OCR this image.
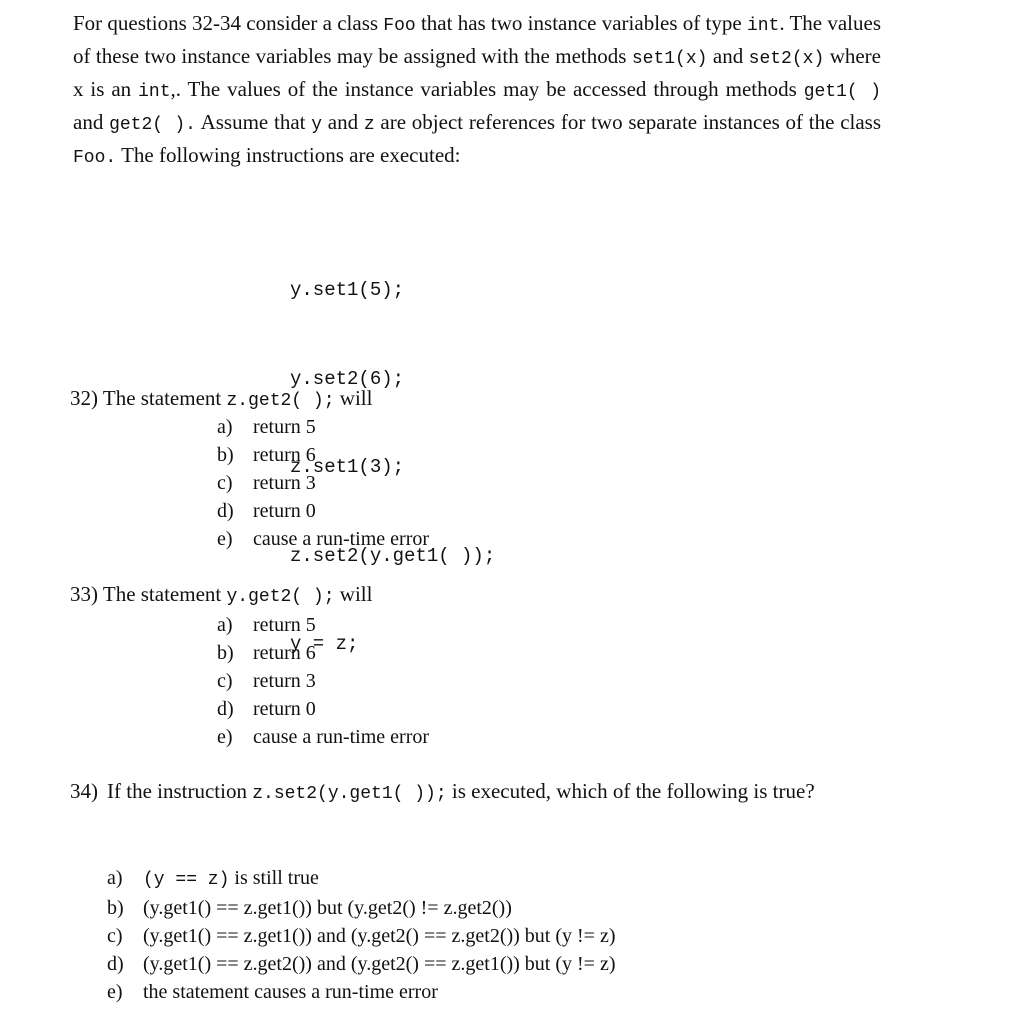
For questions 32-34 consider a class Foo that has two instance variables of type int. The values of these two instance variables may be assigned with the methods set1(x) and set2(x) where x is an int,. The values of the instance variables may be accessed through methods get1( ) and get2( ). Assume that y and z are object references for two separate instances of the class Foo. The following instructions are executed:

y.set1(5);

y.set2(6);

z.set1(3);

z.set2(y.get1( ));

y = z;

32) The statement z.get2( ); will
a)	return 5
b) return 6
c)	return 3
d) return 0
e)	cause a run-time error
33) The statement y.get2( ); will
a)	return 5
b) return 6
c)	return 3
d) return 0
e)	cause a run-time error
34) If the instruction z.set2(y.get1( )); is executed, which of the following is true?
a)	(y == z) is still true
b) (y.get1() == z.get1()) but (y.get2() != z.get2())
c)	(y.get1() == z.get1()) and (y.get2() == z.get2()) but (y != z)
d) (y.get1() == z.get2()) and (y.get2() == z.get1()) but (y != z)
e)	the statement causes a run-time error
